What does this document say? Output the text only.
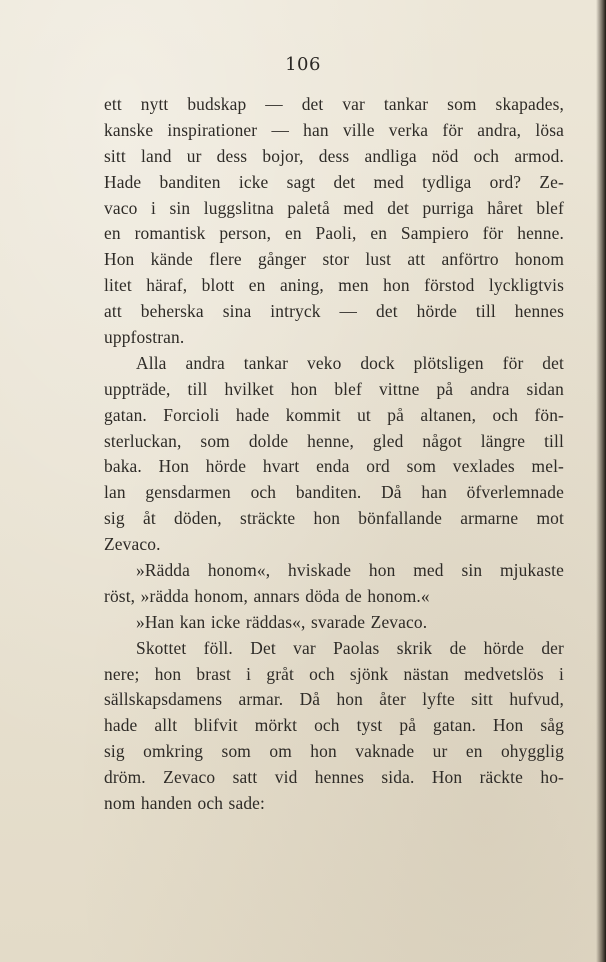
106
ett nytt budskap — det var tankar som skapades,
kanske inspirationer — han ville verka för andra, lösa
sitt land ur dess bojor, dess andliga nöd och armod.
Hade banditen icke sagt det med tydliga ord? Ze-
vaco i sin luggslitna paletå med det purriga håret blef
en romantisk person, en Paoli, en Sampiero för henne.
Hon kände flere gånger stor lust att anförtro honom
litet häraf, blott en aning, men hon förstod lyckligtvis
att beherska sina intryck — det hörde till hennes
uppfostran.
Alla andra tankar veko dock plötsligen för det
uppträde, till hvilket hon blef vittne på andra sidan
gatan. Forcioli hade kommit ut på altanen, och fön-
sterluckan, som dolde henne, gled något längre till
baka. Hon hörde hvart enda ord som vexlades mel-
lan gensdarmen och banditen. Då han öfverlemnade
sig åt döden, sträckte hon bönfallande armarne mot
Zevaco.
»Rädda honom«, hviskade hon med sin mjukaste
röst, »rädda honom, annars döda de honom.«
»Han kan icke räddas«, svarade Zevaco.
Skottet föll. Det var Paolas skrik de hörde der
nere; hon brast i gråt och sjönk nästan medvetslös i
sällskapsdamens armar. Då hon åter lyfte sitt hufvud,
hade allt blifvit mörkt och tyst på gatan. Hon såg
sig omkring som om hon vaknade ur en ohygglig
dröm. Zevaco satt vid hennes sida. Hon räckte ho-
nom handen och sade:
